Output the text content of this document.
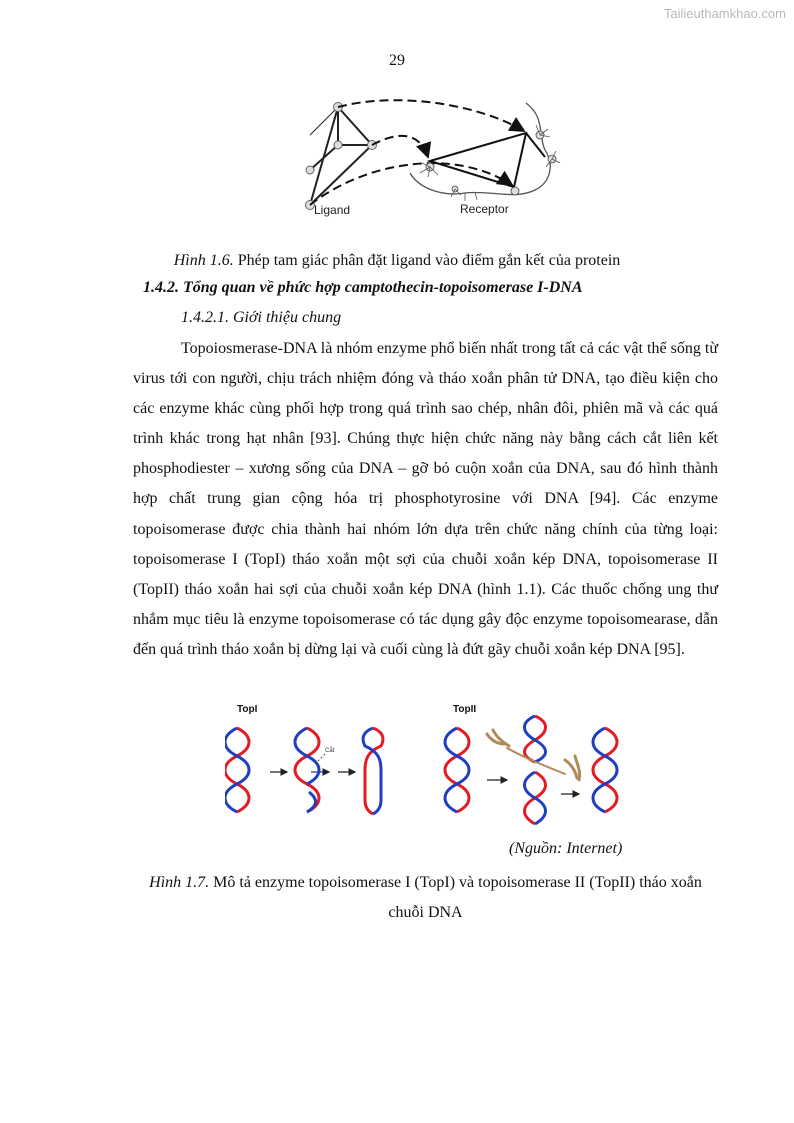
Tailieuthamkhao.com
29
Ligand	Receptor
Hình 1.6. Phép tam giác phân đặt ligand vào điểm gắn kết của protein
1.4.2. Tổng quan về phức hợp camptothecin-topoisomerase I-DNA
1.4.2.1. Giới thiệu chung

Topoiosmerase-DNA là nhóm enzyme phổ biến nhất trong tất cả các vật thể sống từ virus tới con người, chịu trách nhiệm đóng và tháo xoắn phân tử DNA, tạo điều kiện cho các enzyme khác cùng phối hợp trong quá trình sao chép, nhân đôi, phiên mã và các quá trình khác trong hạt nhân [93]. Chúng thực hiện chức năng này bằng cách cắt liên kết phosphodiester – xương sống của DNA – gỡ bỏ cuộn xoắn của DNA, sau đó hình thành hợp chất trung gian cộng hóa trị phosphotyrosine với DNA [94]. Các enzyme topoisomerase được chia thành hai nhóm lớn dựa trên chức năng chính của từng loại: topoisomerase I (TopI) tháo xoắn một sợi của chuỗi xoắn kép DNA, topoisomerase II (TopII) tháo xoắn hai sợi của chuỗi xoắn kép DNA (hình 1.1). Các thuốc chống ung thư nhắm mục tiêu là enzyme topoisomerase có tác dụng gây độc enzyme topoisomearase, dẫn đến quá trình tháo xoắn bị dừng lại và cuối cùng là đứt gãy chuỗi xoắn kép DNA [95].

TopI	TopII
Cắt
(Nguồn: Internet)
Hình 1.7. Mô tả enzyme topoisomerase I (TopI) và topoisomerase II (TopII) tháo xoắn chuỗi DNA
